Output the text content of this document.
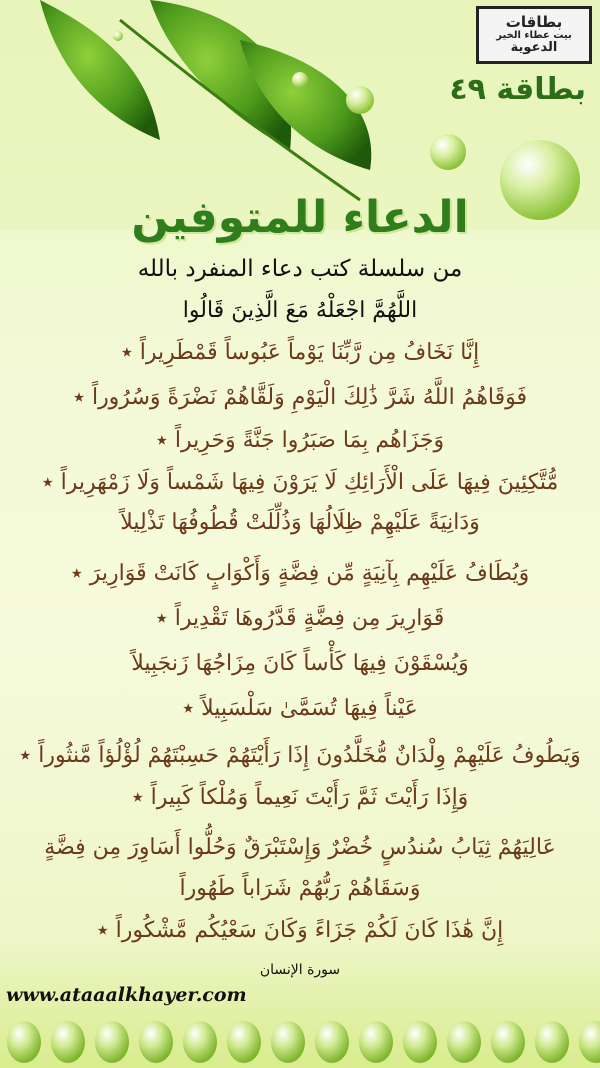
بطاقات
بيت عطاء الخير
الدعوية
بطاقة ٤٩
الدعاء للمتوفين
من سلسلة كتب دعاء المنفرد بالله
اللَّهُمَّ اجْعَلْهُ مَعَ الَّذِينَ قَالُوا
إِنَّا نَخَافُ مِن رَّبِّنَا يَوْماً عَبُوساً قَمْطَرِيراً ٭
فَوَقَاهُمُ اللَّهُ شَرَّ ذَٰلِكَ الْيَوْمِ وَلَقَّاهُمْ نَضْرَةً وَسُرُوراً ٭
وَجَزَاهُم بِمَا صَبَرُوا جَنَّةً وَحَرِيراً ٭
مُّتَّكِئِينَ فِيهَا عَلَى الْأَرَائِكِ لَا يَرَوْنَ فِيهَا شَمْساً وَلَا زَمْهَرِيراً ٭
وَدَانِيَةً عَلَيْهِمْ ظِلَالُهَا وَذُلِّلَتْ قُطُوفُهَا تَذْلِيلاً
وَيُطَافُ عَلَيْهِم بِآنِيَةٍ مِّن فِضَّةٍ وَأَكْوَابٍ كَانَتْ قَوَارِيرَ ٭
قَوَارِيرَ مِن فِضَّةٍ قَدَّرُوهَا تَقْدِيراً ٭
وَيُسْقَوْنَ فِيهَا كَأْساً كَانَ مِزَاجُهَا زَنجَبِيلاً
عَيْناً فِيهَا تُسَمَّىٰ سَلْسَبِيلاً ٭
وَيَطُوفُ عَلَيْهِمْ وِلْدَانٌ مُّخَلَّدُونَ إِذَا رَأَيْتَهُمْ حَسِبْتَهُمْ لُؤْلُؤاً مَّنثُوراً ٭
وَإِذَا رَأَيْتَ ثَمَّ رَأَيْتَ نَعِيماً وَمُلْكاً كَبِيراً ٭
عَالِيَهُمْ ثِيَابُ سُندُسٍ خُضْرٌ وَإِسْتَبْرَقٌ وَحُلُّوا أَسَاوِرَ مِن فِضَّةٍ
وَسَقَاهُمْ رَبُّهُمْ شَرَاباً طَهُوراً
إِنَّ هَٰذَا كَانَ لَكُمْ جَزَاءً وَكَانَ سَعْيُكُم مَّشْكُوراً ٭
سورة الإنسان
www.ataaalkhayer.com
